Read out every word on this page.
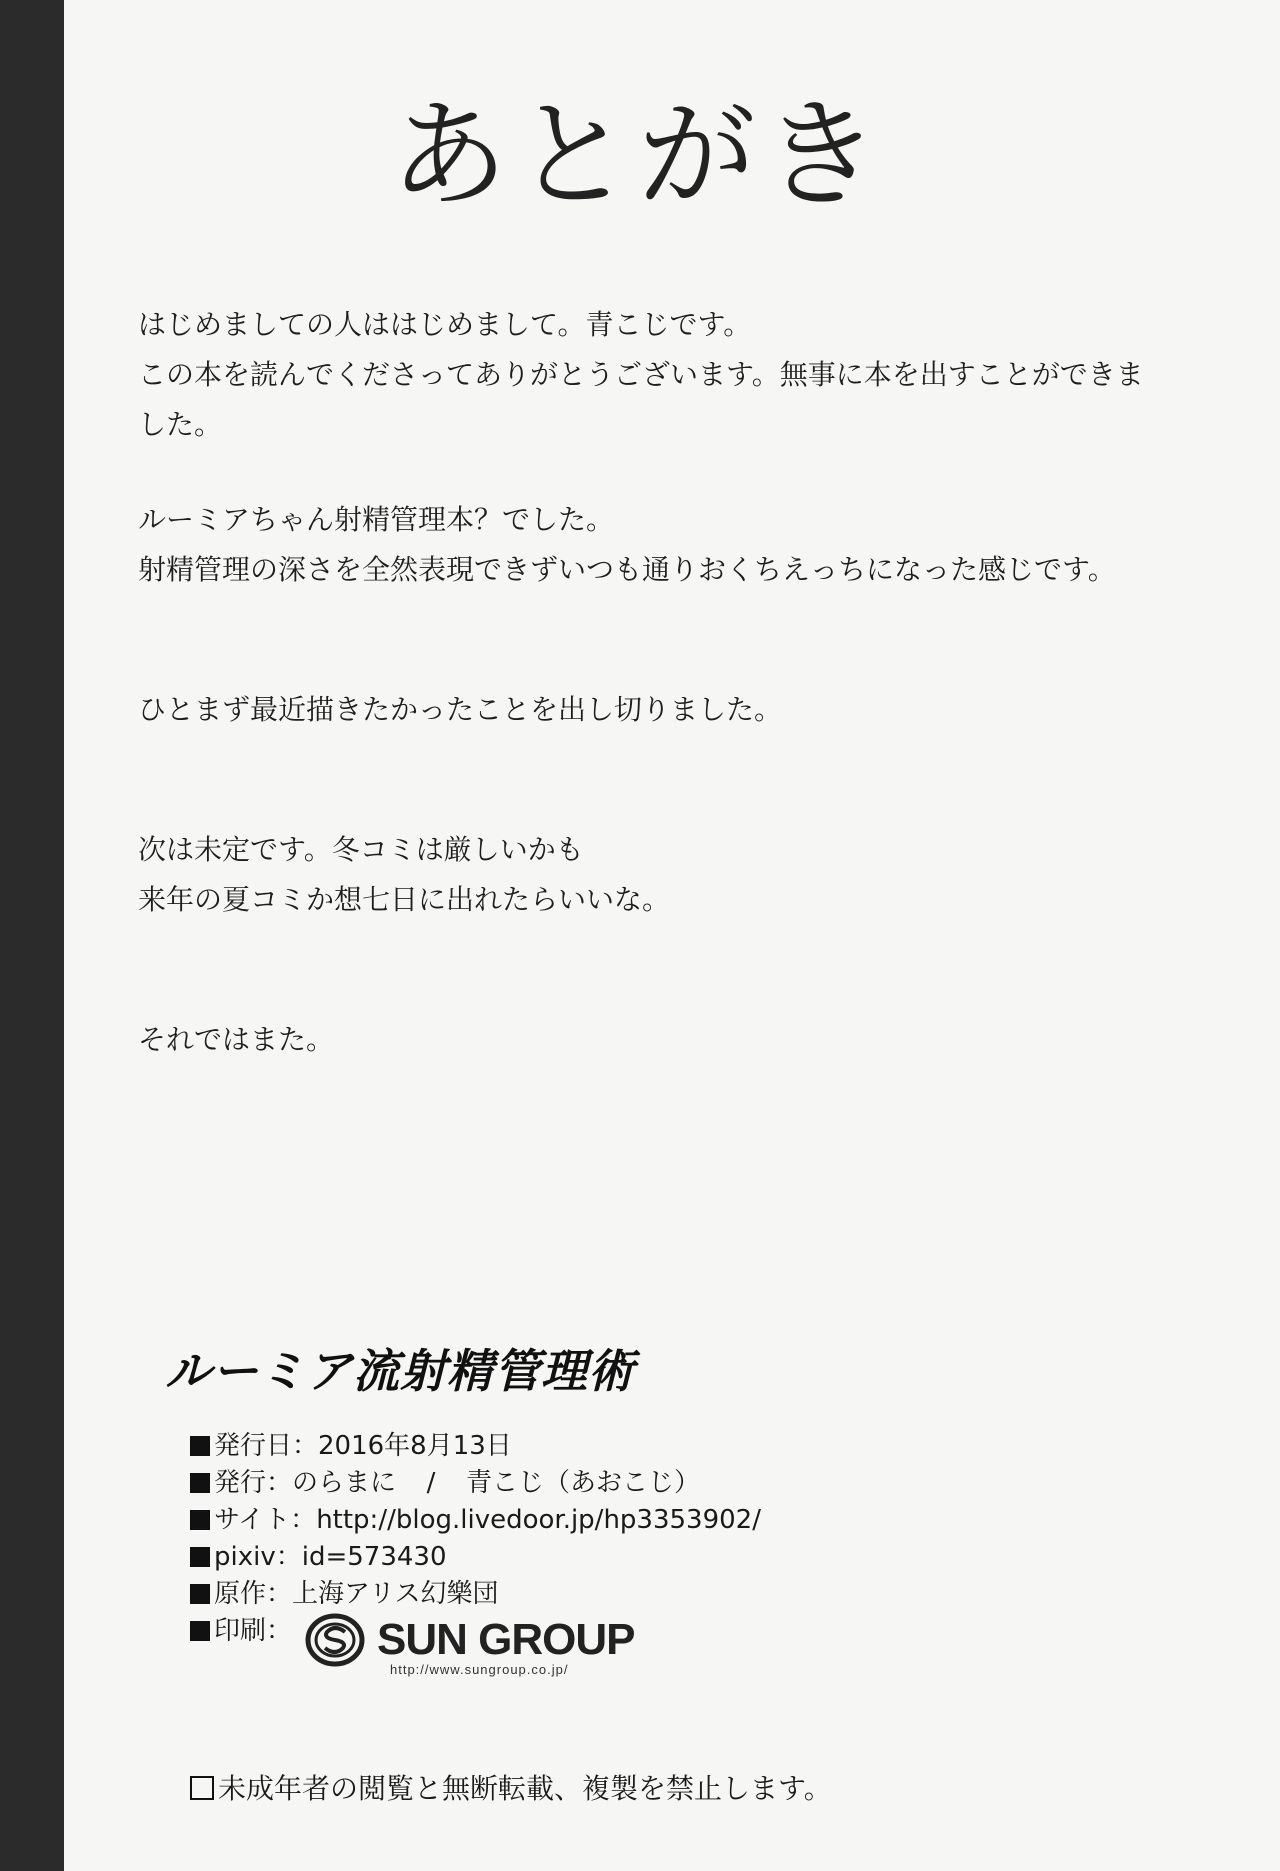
あとがき

はじめましての人ははじめまして。青こじです。
この本を読んでくださってありがとうございます。無事に本を出すことができま
した。

ルーミアちゃん射精管理本？でした。
射精管理の深さを全然表現できずいつも通りおくちえっちになった感じです。

ひとまず最近描きたかったことを出し切りました。

次は未定です。冬コミは厳しいかも
来年の夏コミか想七日に出れたらいいな。

それではまた。

ルーミア流射精管理術
発行日：2016年8月13日
発行：のらまに / 青こじ（あおこじ）
サイト：http://blog.livedoor.jp/hp3353902/
pixiv：id=573430
原作：上海アリス幻樂団
印刷：	SUN GROUP
http://www.sungroup.co.jp/
未成年者の閲覧と無断転載、複製を禁止します。
